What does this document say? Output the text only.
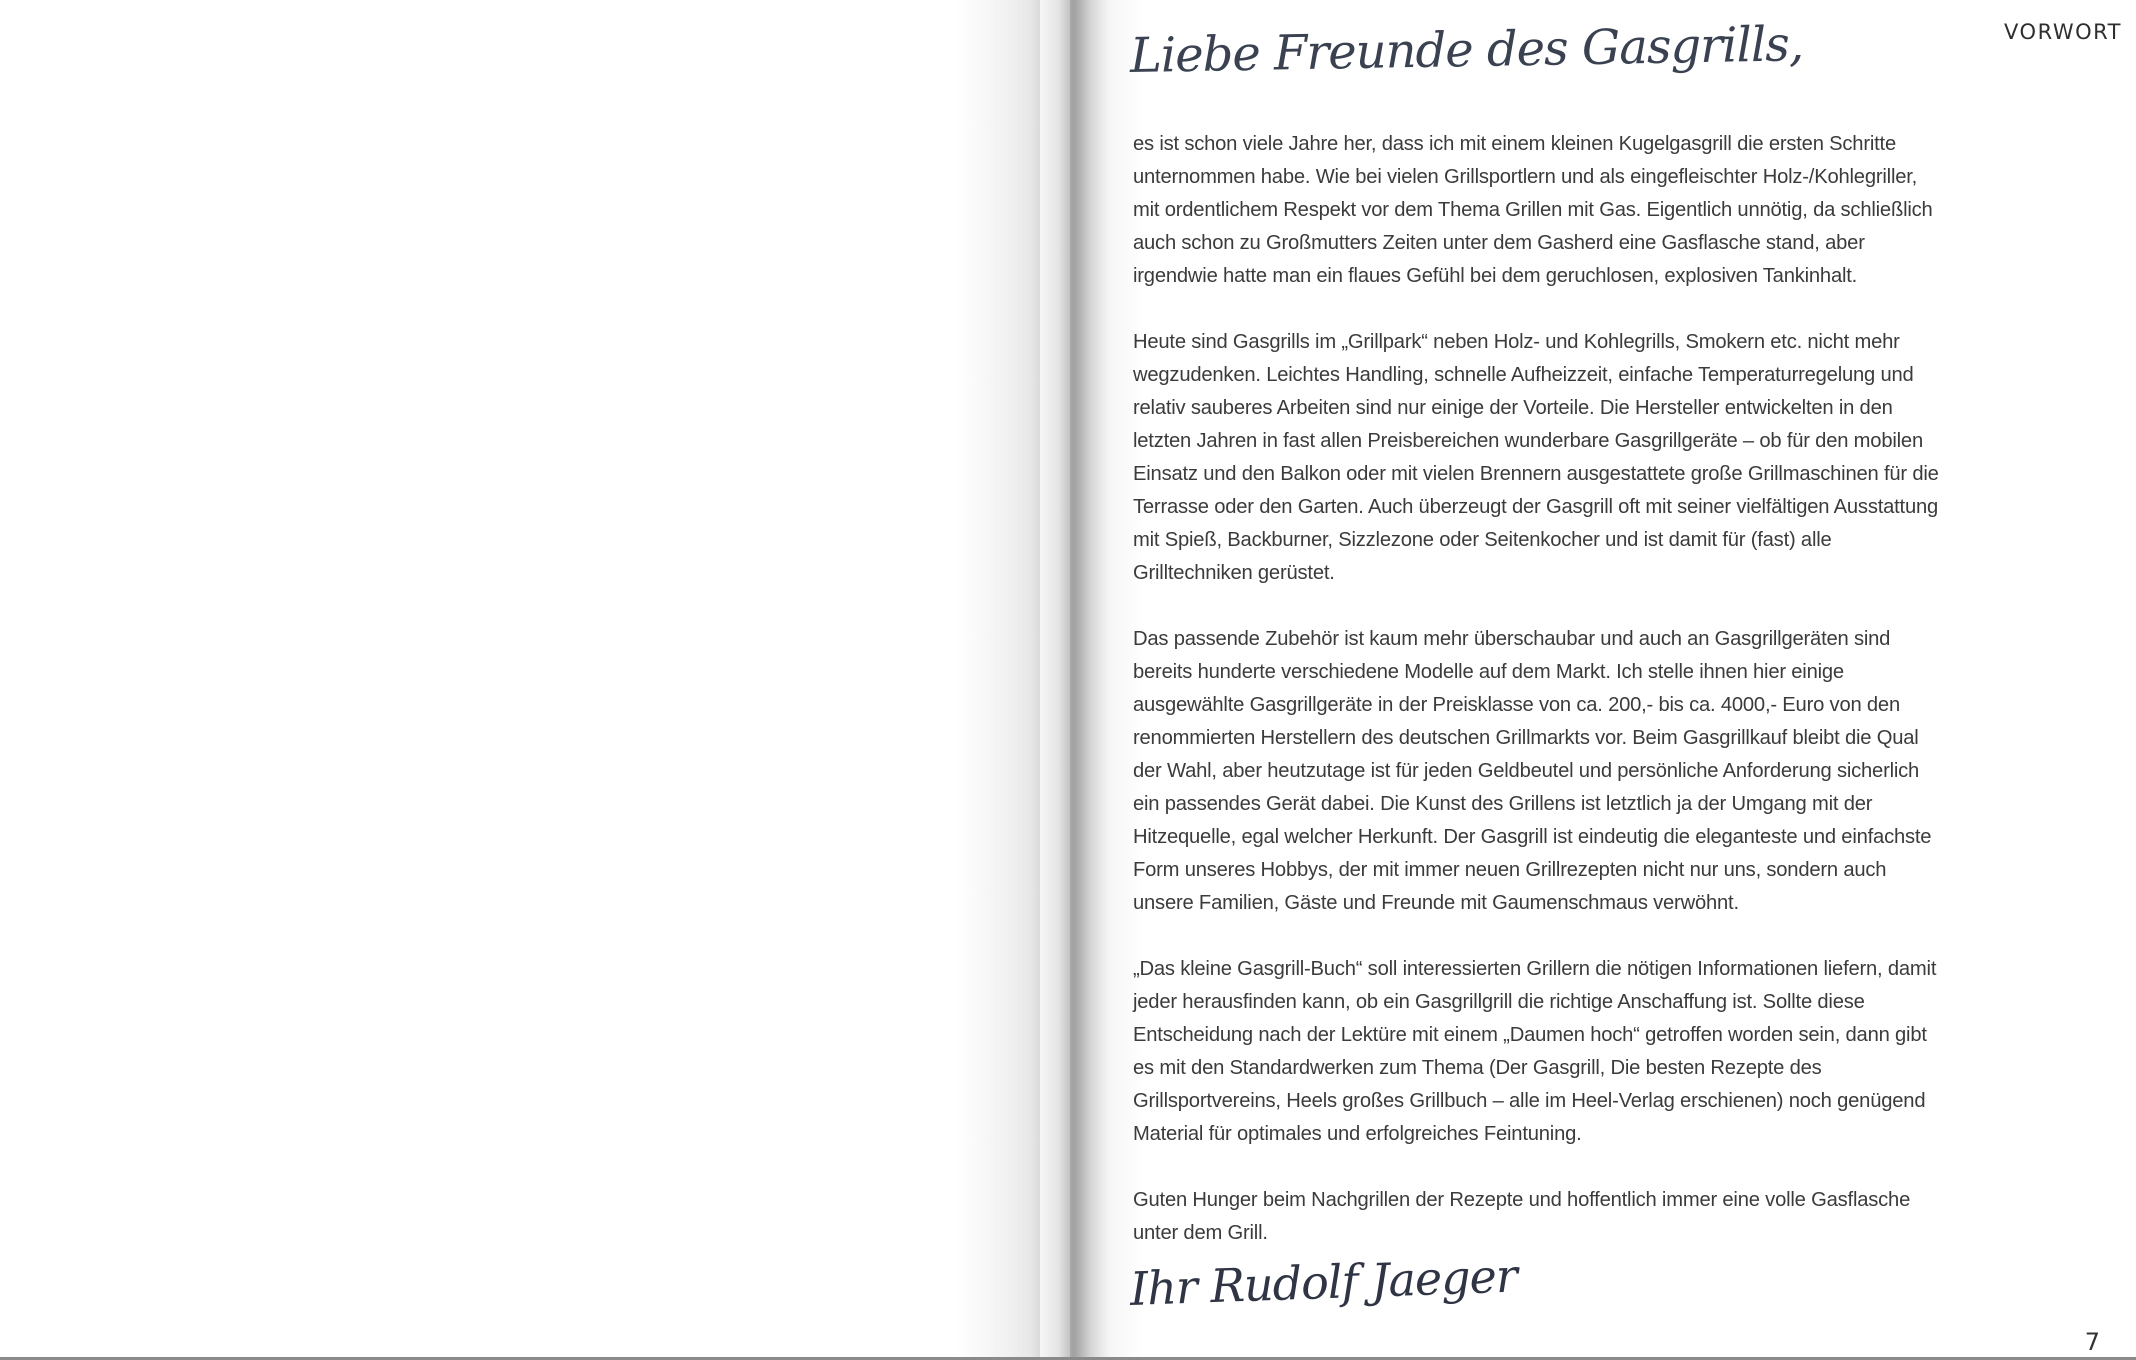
VORWORT
Liebe Freunde des Gasgrills,

es ist schon viele Jahre her, dass ich mit einem kleinen Kugelgasgrill die ersten Schritte unternommen habe. Wie bei vielen Grillsportlern und als eingefleischter Holz-/Kohlegriller, mit ordentlichem Respekt vor dem Thema Grillen mit Gas. Eigentlich unnötig, da schließlich auch schon zu Großmutters Zeiten unter dem Gasherd eine Gasflasche stand, aber irgendwie hatte man ein flaues Gefühl bei dem geruchlosen, explosiven Tankinhalt.

Heute sind Gasgrills im „Grillpark“ neben Holz- und Kohlegrills, Smokern etc. nicht mehr wegzudenken. Leichtes Handling, schnelle Aufheizzeit, einfache Temperaturregelung und relativ sauberes Arbeiten sind nur einige der Vorteile. Die Hersteller entwickelten in den letzten Jahren in fast allen Preisbereichen wunderbare Gasgrillgeräte – ob für den mobilen Einsatz und den Balkon oder mit vielen Brennern ausgestattete große Grillmaschinen für die Terrasse oder den Garten. Auch überzeugt der Gasgrill oft mit seiner vielfältigen Ausstattung mit Spieß, Backburner, Sizzlezone oder Seitenkocher und ist damit für (fast) alle Grilltechniken gerüstet.

Das passende Zubehör ist kaum mehr überschaubar und auch an Gasgrillgeräten sind bereits hunderte verschiedene Modelle auf dem Markt. Ich stelle ihnen hier einige ausgewählte Gasgrillgeräte in der Preisklasse von ca. 200,- bis ca. 4000,- Euro von den renommierten Herstellern des deutschen Grillmarkts vor. Beim Gasgrillkauf bleibt die Qual der Wahl, aber heutzutage ist für jeden Geldbeutel und persönliche Anforderung sicherlich ein passendes Gerät dabei. Die Kunst des Grillens ist letztlich ja der Umgang mit der Hitzequelle, egal welcher Herkunft. Der Gasgrill ist eindeutig die eleganteste und einfachste Form unseres Hobbys, der mit immer neuen Grillrezepten nicht nur uns, sondern auch unsere Familien, Gäste und Freunde mit Gaumenschmaus verwöhnt.

„Das kleine Gasgrill-Buch“ soll interessierten Grillern die nötigen Informationen liefern, damit jeder herausfinden kann, ob ein Gasgrillgrill die richtige Anschaffung ist. Sollte diese Entscheidung nach der Lektüre mit einem „Daumen hoch“ getroffen worden sein, dann gibt es mit den Standardwerken zum Thema (Der Gasgrill, Die besten Rezepte des Grillsportvereins, Heels großes Grillbuch – alle im Heel-Verlag erschienen) noch genügend Material für optimales und erfolgreiches Feintuning.

Guten Hunger beim Nachgrillen der Rezepte und hoffentlich immer eine volle Gasflasche unter dem Grill.

Ihr Rudolf Jaeger
7
